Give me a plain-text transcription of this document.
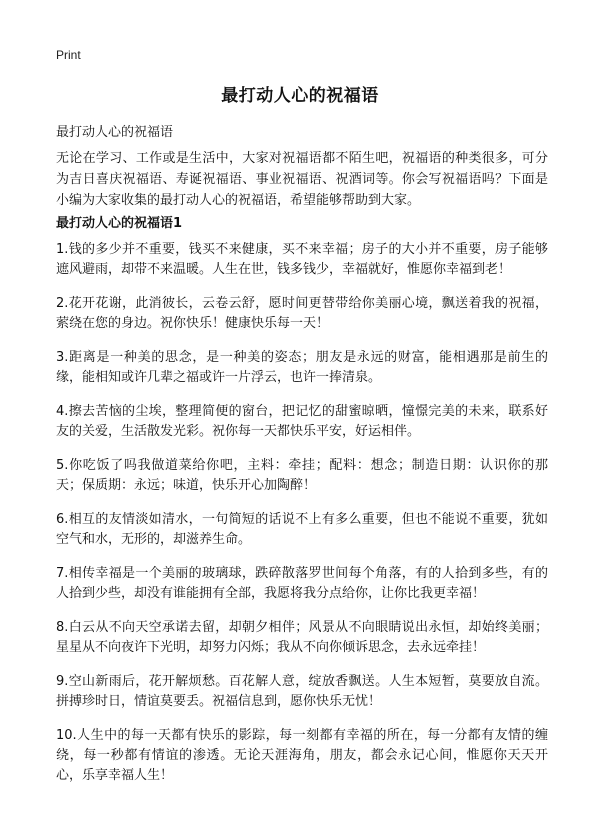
Print
最打动人心的祝福语

最打动人心的祝福语

无论在学习、工作或是生活中，大家对祝福语都不陌生吧，祝福语的种类很多，可分为吉日喜庆祝福语、寿诞祝福语、事业祝福语、祝酒词等。你会写祝福语吗？下面是小编为大家收集的最打动人心的祝福语，希望能够帮助到大家。

最打动人心的祝福语1
1.钱的多少并不重要，钱买不来健康，买不来幸福；房子的大小并不重要，房子能够遮风避雨，却带不来温暖。人生在世，钱多钱少，幸福就好，惟愿你幸福到老！
2.花开花谢，此消彼长，云卷云舒，愿时间更替带给你美丽心境，飘送着我的祝福，萦绕在您的身边。祝你快乐！健康快乐每一天！
3.距离是一种美的思念，是一种美的姿态；朋友是永远的财富，能相遇那是前生的缘，能相知或许几辈之福或许一片浮云，也许一捧清泉。
4.擦去苦恼的尘埃，整理简便的窗台，把记忆的甜蜜晾晒，憧憬完美的未来，联系好友的关爱，生活散发光彩。祝你每一天都快乐平安，好运相伴。
5.你吃饭了吗我做道菜给你吧，主料：牵挂；配料：想念；制造日期：认识你的那天；保质期：永远；味道，快乐开心加陶醉！
6.相互的友情淡如清水，一句简短的话说不上有多么重要，但也不能说不重要，犹如空气和水，无形的，却滋养生命。
7.相传幸福是一个美丽的玻璃球，跌碎散落罗世间每个角落，有的人拾到多些，有的人拾到少些，却没有谁能拥有全部，我愿将我分点给你，让你比我更幸福！
8.白云从不向天空承诺去留，却朝夕相伴；风景从不向眼睛说出永恒，却始终美丽；星星从不向夜许下光明，却努力闪烁；我从不向你倾诉思念，去永远牵挂！
9.空山新雨后，花开解烦愁。百花解人意，绽放香飘送。人生本短暂，莫要放自流。拼搏珍时日，情谊莫要丢。祝福信息到，愿你快乐无忧！
10.人生中的每一天都有快乐的影踪，每一刻都有幸福的所在，每一分都有友情的缠绕，每一秒都有情谊的渗透。无论天涯海角，朋友，都会永记心间，惟愿你天天开心，乐享幸福人生！
